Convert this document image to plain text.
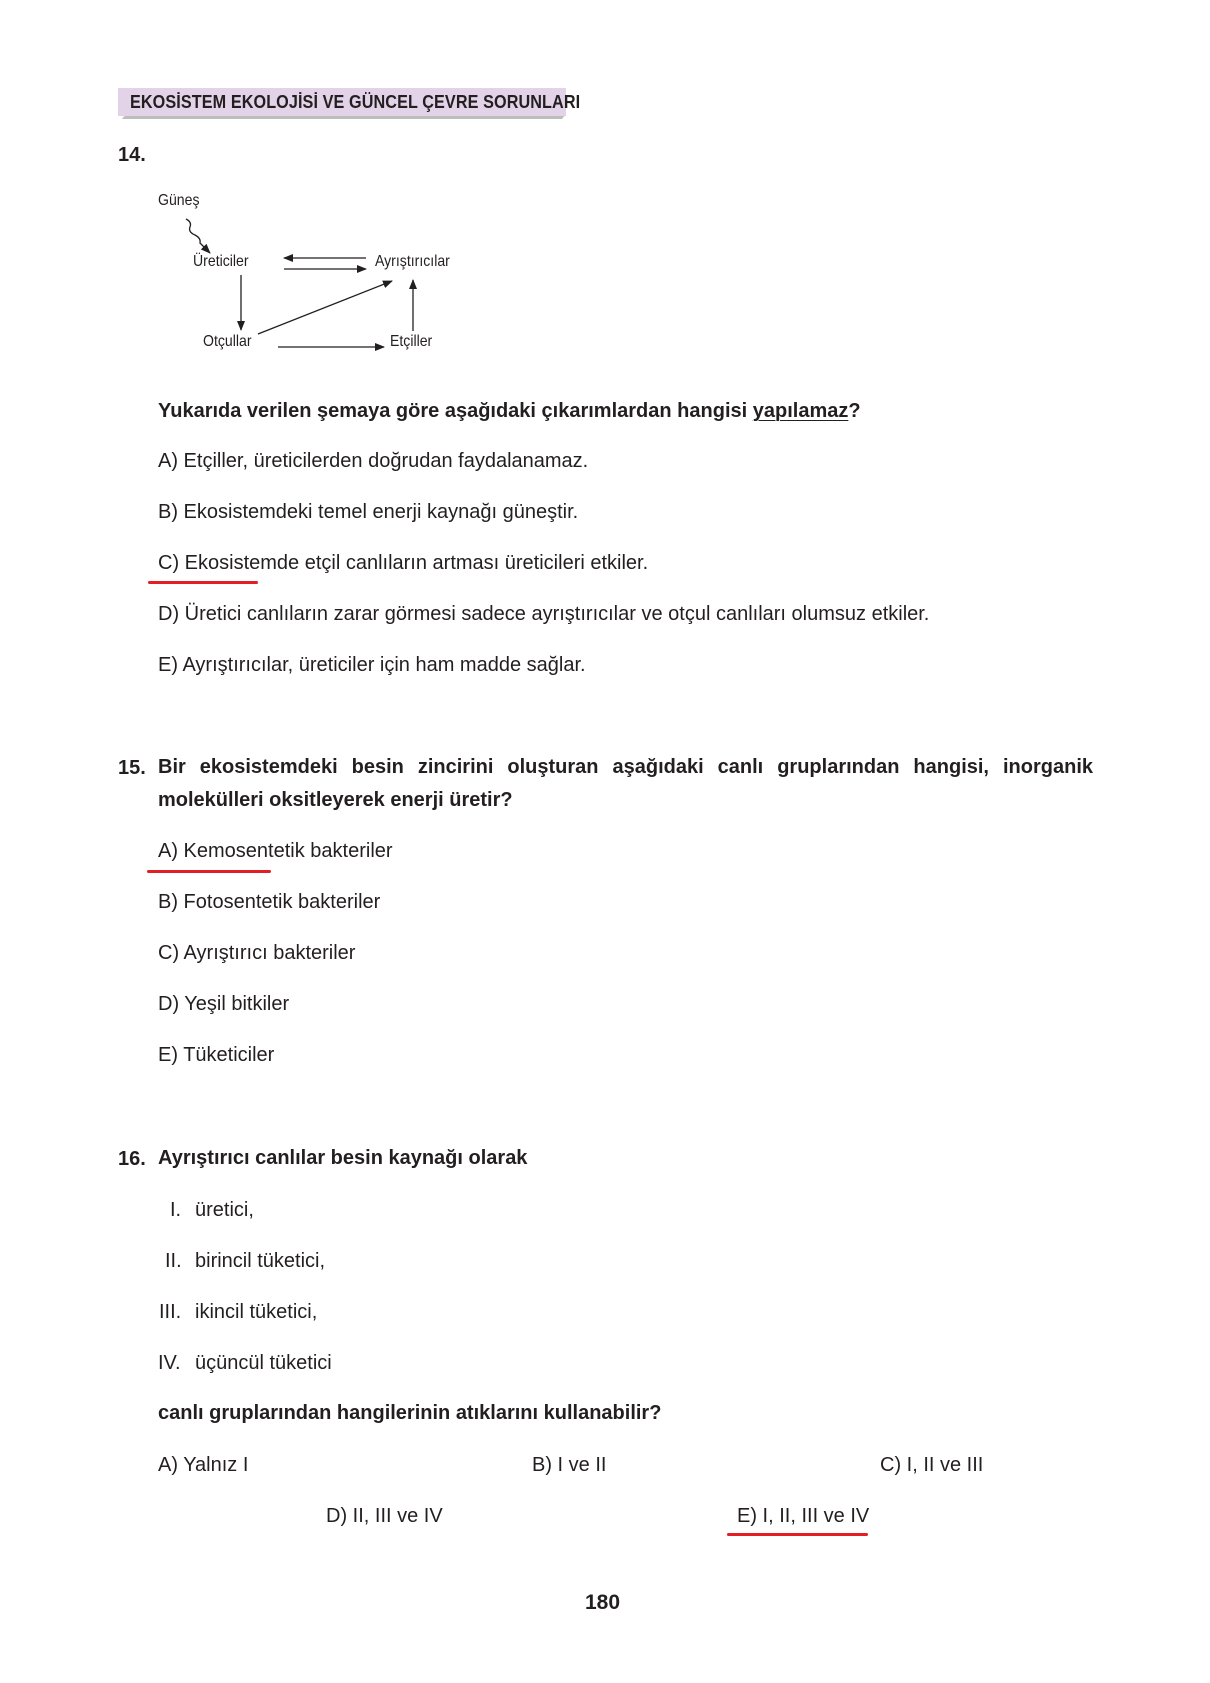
EKOSİSTEM EKOLOJİSİ VE GÜNCEL ÇEVRE SORUNLARI
14.
Güneş
Üreticiler	Ayrıştırıcılar
Otçullar	Etçiller
Yukarıda verilen şemaya göre aşağıdaki çıkarımlardan hangisi yapılamaz?
A) Etçiller, üreticilerden doğrudan faydalanamaz.
B) Ekosistemdeki temel enerji kaynağı güneştir.
C) Ekosistemde etçil canlıların artması üreticileri etkiler.
D) Üretici canlıların zarar görmesi sadece ayrıştırıcılar ve otçul canlıları olumsuz etkiler.
E) Ayrıştırıcılar, üreticiler için ham madde sağlar.
15. Bir ekosistemdeki besin zincirini oluşturan aşağıdaki canlı gruplarından hangisi, inorganik
molekülleri oksitleyerek enerji üretir?
A) Kemosentetik bakteriler
B) Fotosentetik bakteriler
C) Ayrıştırıcı bakteriler
D) Yeşil bitkiler
E) Tüketiciler
16. Ayrıştırıcı canlılar besin kaynağı olarak
I. üretici,
II. birincil tüketici,
III. ikincil tüketici,
IV. üçüncül tüketici
canlı gruplarından hangilerinin atıklarını kullanabilir?
A) Yalnız I	B) I ve II	C) I, II ve III
D) II, III ve IV	E) I, II, III ve IV
180
